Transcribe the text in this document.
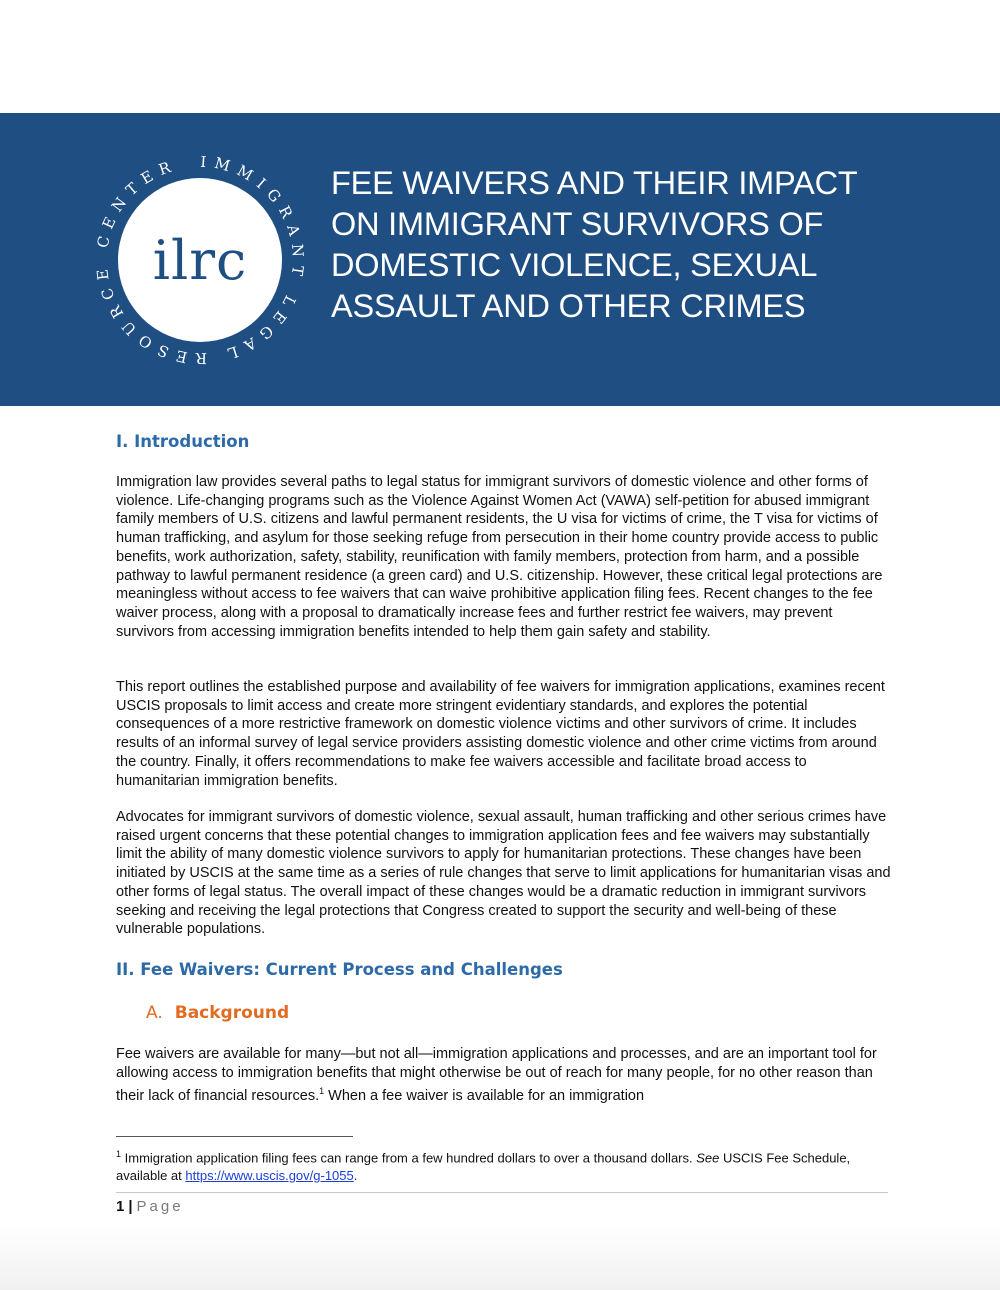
IMMIGRANT LEGAL RESOURCE CENTER
ilrc
FEE WAIVERS AND THEIR IMPACT
ON IMMIGRANT SURVIVORS OF
DOMESTIC VIOLENCE, SEXUAL
ASSAULT AND OTHER CRIMES
I. Introduction

Immigration law provides several paths to legal status for immigrant survivors of domestic violence and other forms of violence. Life-changing programs such as the Violence Against Women Act (VAWA) self-petition for abused immigrant family members of U.S. citizens and lawful permanent residents, the U visa for victims of crime, the T visa for victims of human trafficking, and asylum for those seeking refuge from persecution in their home country provide access to public benefits, work authorization, safety, stability, reunification with family members, protection from harm, and a possible pathway to lawful permanent residence (a green card) and U.S. citizenship. However, these critical legal protections are meaningless without access to fee waivers that can waive prohibitive application filing fees. Recent changes to the fee waiver process, along with a proposal to dramatically increase fees and further restrict fee waivers, may prevent survivors from accessing immigration benefits intended to help them gain safety and stability.

This report outlines the established purpose and availability of fee waivers for immigration applications, examines recent USCIS proposals to limit access and create more stringent evidentiary standards, and explores the potential consequences of a more restrictive framework on domestic violence victims and other survivors of crime. It includes results of an informal survey of legal service providers assisting domestic violence and other crime victims from around the country. Finally, it offers recommendations to make fee waivers accessible and facilitate broad access to humanitarian immigration benefits.

Advocates for immigrant survivors of domestic violence, sexual assault, human trafficking and other serious crimes have raised urgent concerns that these potential changes to immigration application fees and fee waivers may substantially limit the ability of many domestic violence survivors to apply for humanitarian protections. These changes have been initiated by USCIS at the same time as a series of rule changes that serve to limit applications for humanitarian visas and other forms of legal status. The overall impact of these changes would be a dramatic reduction in immigrant survivors seeking and receiving the legal protections that Congress created to support the security and well-being of these vulnerable populations.

II. Fee Waivers: Current Process and Challenges
A. Background

Fee waivers are available for many—but not all—immigration applications and processes, and are an important tool for allowing access to immigration benefits that might otherwise be out of reach for many people, for no other reason than their lack of financial resources.$^1$ When a fee waiver is available for an immigration

$^1$ Immigration application filing fees can range from a few hundred dollars to over a thousand dollars. See USCIS Fee Schedule, available at https://www.uscis.gov/g-1055.

1 | Page
